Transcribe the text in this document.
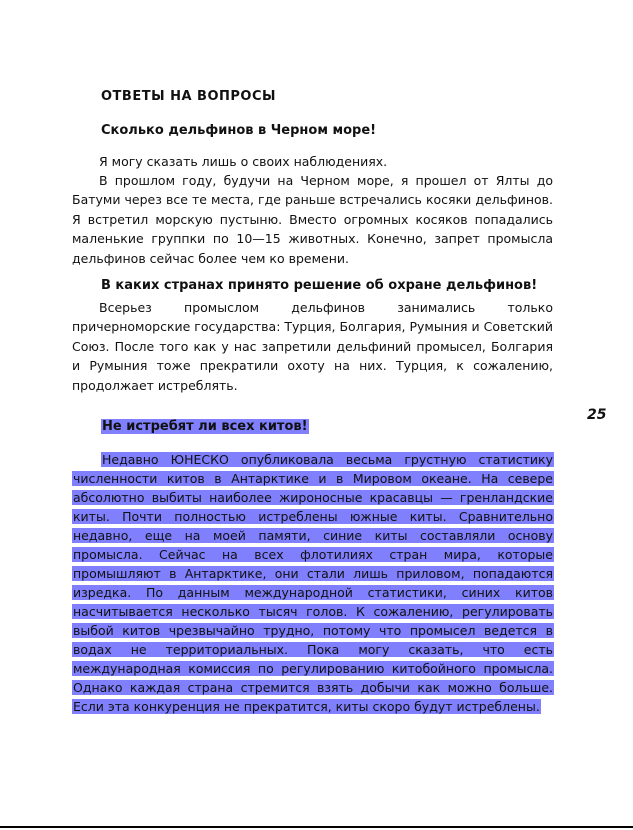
ОТВЕТЫ НА ВОПРОСЫ
Сколько дельфинов в Черном море!

Я могу сказать лишь о своих наблюдениях.

В прошлом году, будучи на Черном море, я прошел от Ялты до Батуми через все те места, где раньше встречались косяки дельфинов. Я встретил морскую пустыню. Вместо огромных косяков попадались маленькие группки по 10—15 животных. Конечно, запрет промысла дельфинов сейчас более чем ко времени.

В каких странах принято решение об охране дельфинов!

Всерьез промыслом дельфинов занимались только причерноморские государства: Турция, Болгария, Румыния и Советский Союз. После того как у нас запретили дельфиний промысел, Болгария и Румыния тоже прекратили охоту на них. Турция, к сожалению, продолжает истреблять.

25
Не истребят ли всех китов!

Недавно ЮНЕСКО опубликовала весьма грустную статистику численности китов в Антарктике и в Мировом океане. На севере абсолютно выбиты наиболее жироносные красавцы — гренландские киты. Почти полностью истреблены южные киты. Сравнительно недавно, еще на моей памяти, синие киты составляли основу промысла. Сейчас на всех флотилиях стран мира, которые промышляют в Антарктике, они стали лишь приловом, попадаются изредка. По данным международной статистики, синих китов насчитывается несколько тысяч голов. К сожалению, регулировать выбой китов чрезвычайно трудно, потому что промысел ведется в водах не территориальных. Пока могу сказать, что есть международная комиссия по регулированию китобойного промысла. Однако каждая страна стремится взять добычи как можно больше. Если эта конкуренция не прекратится, киты скоро будут истреблены.
